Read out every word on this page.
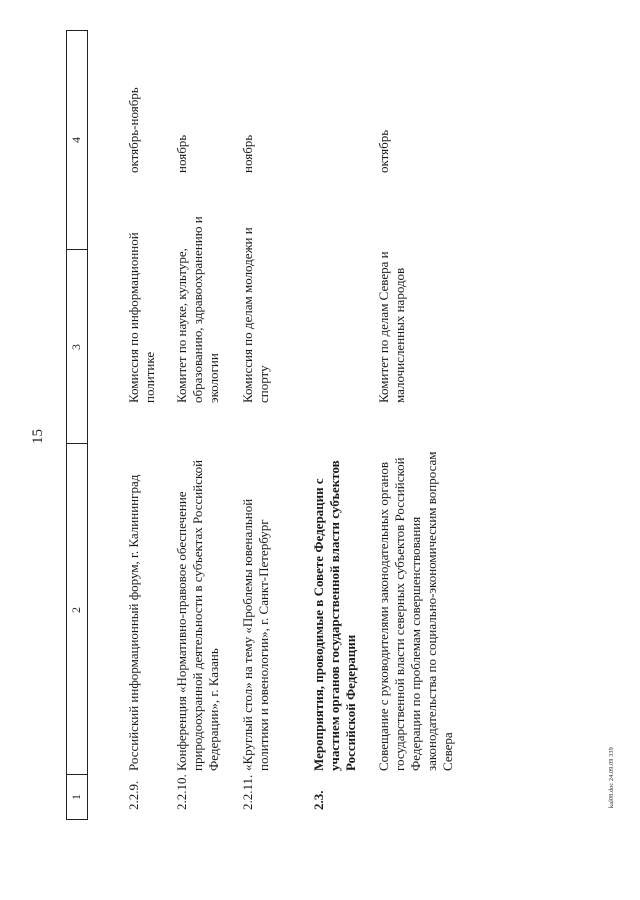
15
1
2
3
4
2.2.9.
Российский информационный форум, г. Калининград
Комиссия по информационной политике
октябрь-ноябрь
2.2.10.
Конференция «Нормативно-правовое обеспечение природоохранной деятельности в субъектах Российской Федерации», г. Казань
Комитет по науке, культуре, образованию, здравоохранению и экологии
ноябрь
2.2.11.
«Круглый стол» на тему «Проблемы ювенальной политики и ювенологии», г. Санкт-Петербург
Комиссия по делам молодежи и спорту
ноябрь
2.3.
Мероприятия, проводимые в Совете Федерации с участием органов государственной власти субъектов Российской Федерации Совещание с руководителями законодательных органов государственной власти северных субъектов Российской Федерации по проблемам совершенствования законодательства по социально-экономическим вопросам Севера
Комитет по делам Севера и малочисленных народов
октябрь
kal08.doc 24.09.09 339
